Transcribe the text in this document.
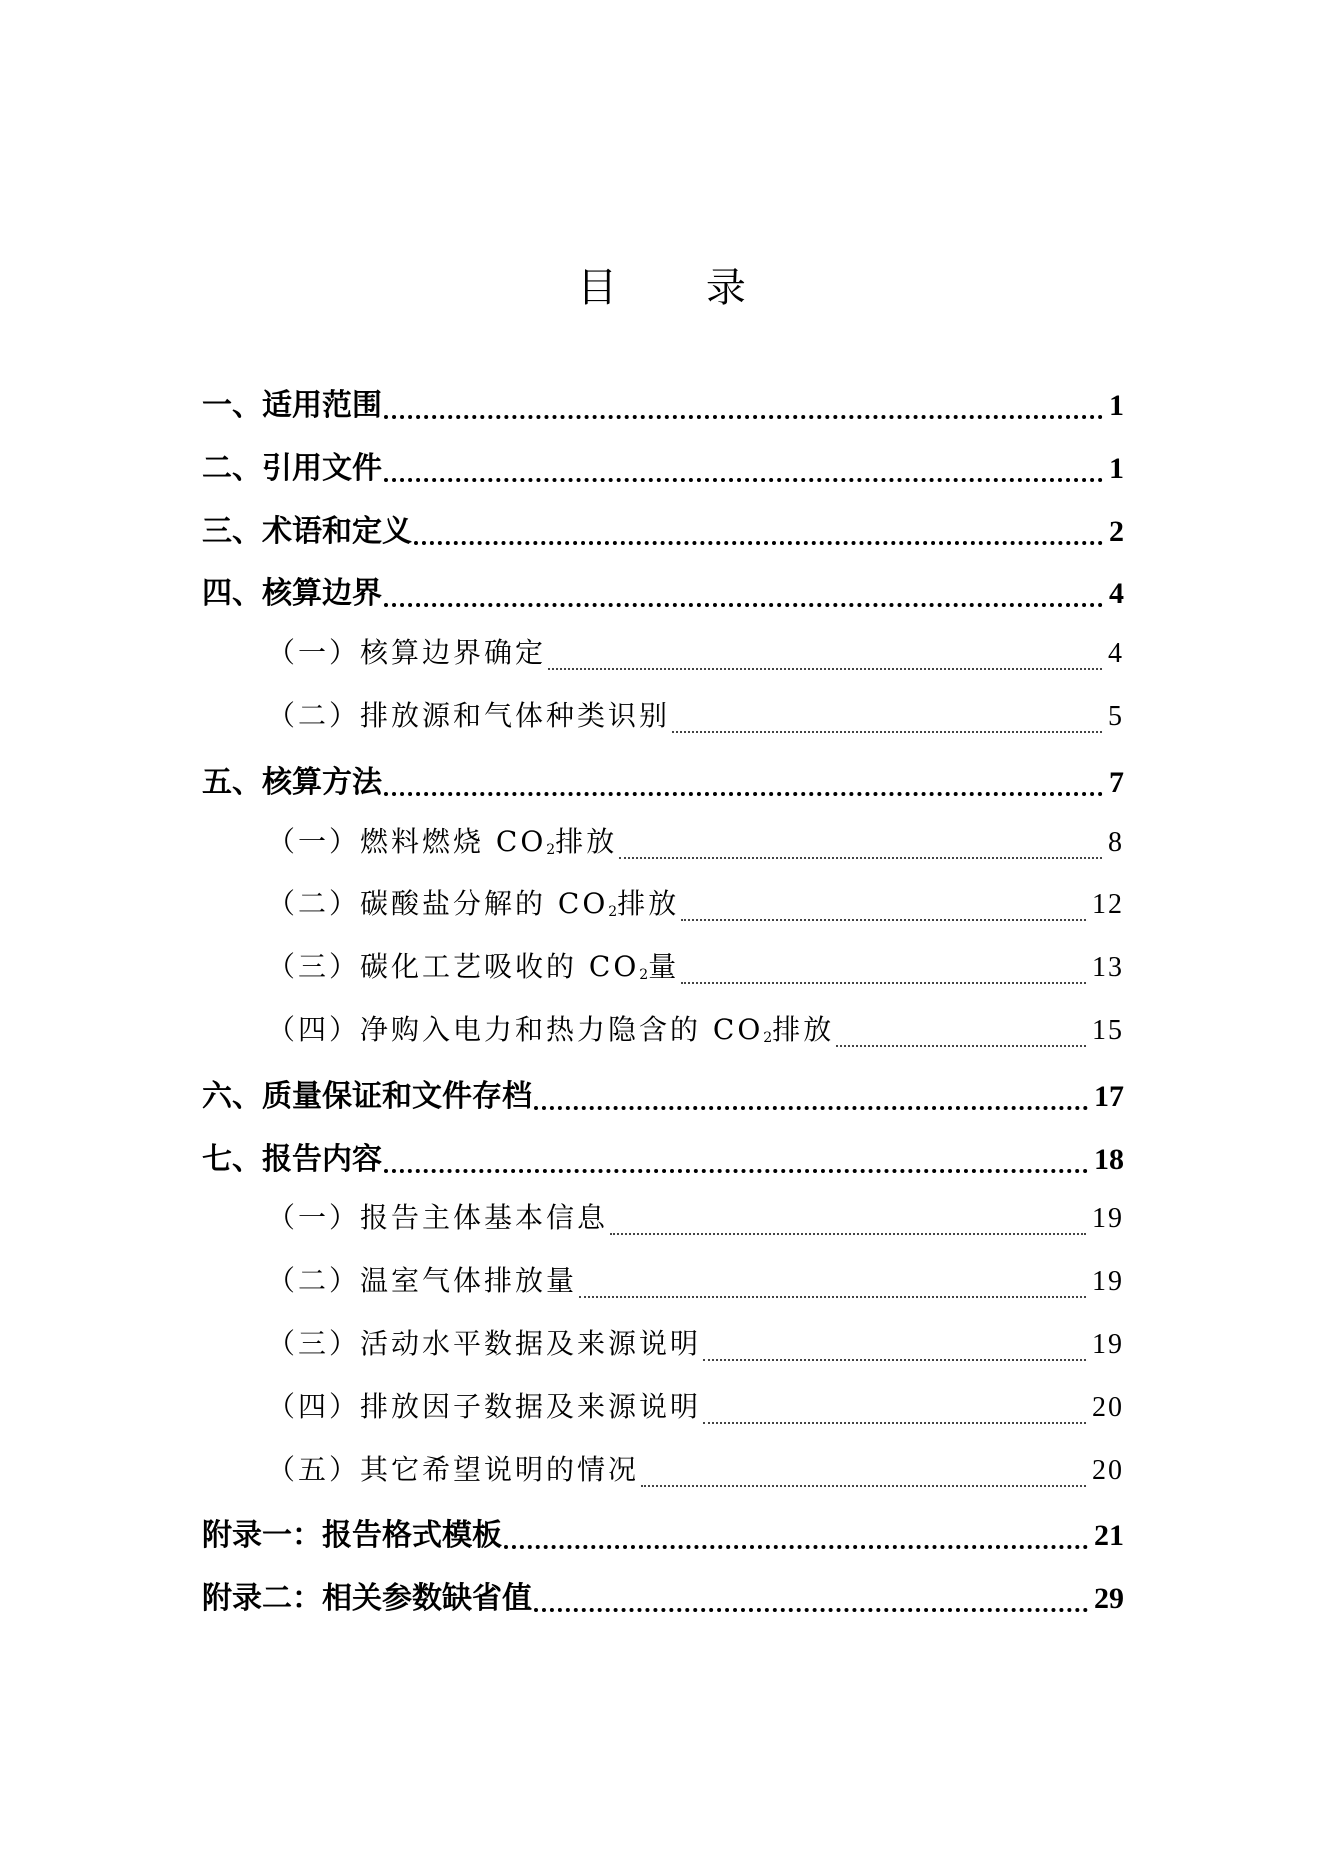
目 录
一、适用范围	1
二、引用文件	1
三、术语和定义	2
四、核算边界	4
（一）核算边界确定	4
（二）排放源和气体种类识别	5
五、核算方法	7
（一）燃料燃烧 $CO_2$排放	8
（二）碳酸盐分解的 $CO_2$排放	12
（三）碳化工艺吸收的 $CO_2$量	13
（四）净购入电力和热力隐含的 $CO_2$排放	15
六、质量保证和文件存档	17
七、报告内容	18
（一）报告主体基本信息	19
（二）温室气体排放量	19
（三）活动水平数据及来源说明	19
（四）排放因子数据及来源说明	20
（五）其它希望说明的情况	20
附录一：报告格式模板	21
附录二：相关参数缺省值	29
